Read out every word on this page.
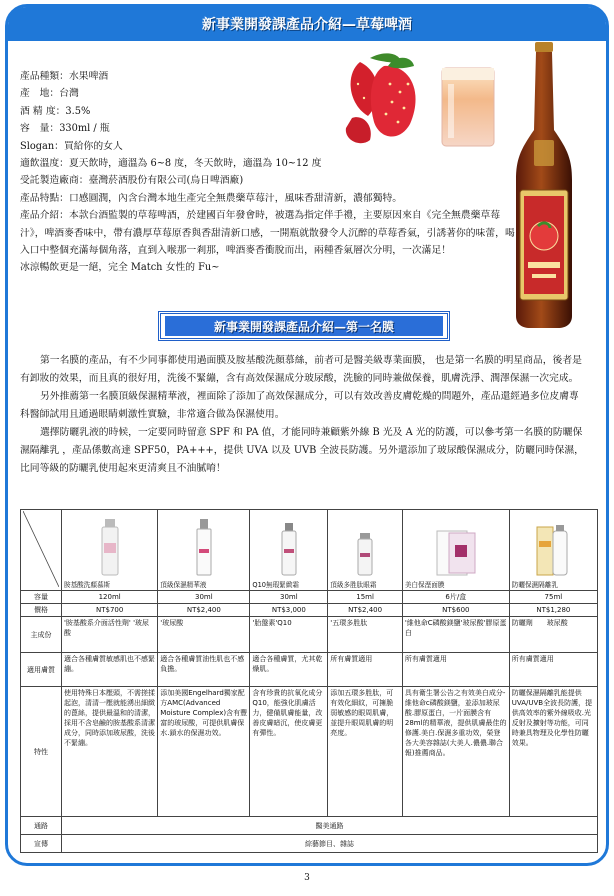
新事業開發課產品介紹—草莓啤酒
產品種類：水果啤酒
產　地：台灣
酒 精 度：3.5%
容　量：330ml / 瓶
Slogan：買給你的女人
適飲溫度：夏天飲時，適溫為 6~8 度，冬天飲時，適溫為 10~12 度
受託製造廠商：臺灣菸酒股份有限公司(烏日啤酒廠)
產品特點：口感圓潤，內含台灣本地生產完全無農藥草莓汁，風味香甜清新，濃郁獨特。
產品介紹：本款台酒監製的草莓啤酒，於建國百年發會時，被選為指定伴手禮，主要原因來自《完全無農藥草莓汁》，啤酒麥香味中，帶有濃厚草莓原香與香甜清新口感，一開瓶就散發令人沉醉的草莓香氣，引誘著你的味蕾，喝入口中整個充滿每個角落，直到入喉那一剎那，啤酒麥香衝脫而出，兩種香氣層次分明，一次滿足！
冰涼暢飲更是一絕，完全 Match 女性的 Fu~
新事業開發課產品介紹—第一名膜

第一名膜的產品，有不少同事都使用過面膜及胺基酸洗顏慕絲，前者可是醫美級專業面膜， 也是第一名膜的明星商品，後者是有卸妝的效果，而且真的很好用，洗後不緊繃，含有高效保濕成分玻尿酸，洗臉的同時兼做保養，肌膚洗淨、潤澤保濕一次完成。

另外推薦第一名膜頂級保濕精華液，裡面除了添加了高效保濕成分，可以有效改善皮膚乾燥的問題外，產品還經過多位皮膚專科醫師試用且通過眼睛刺激性實驗，非常適合做為保濕使用。

選擇防曬乳液的時候，一定要同時留意 SPF 和 PA 值，才能同時兼顧紫外線 B 光及 A 光的防護，可以參考第一名膜的防曬保濕隔離乳 ，產品係數高達 SPF50，PA+++，提供 UVA 以及 UVB 全波長防護。另外還添加了玻尿酸保濕成分，防曬同時保濕，比同等級的防曬乳使用起來更清爽且不油膩唷！

胺基酸洗顏慕斯	頂級保濕精華液	Q10無瑕緊緻霜	頂級多胜肽眼霜	美白保溼面膜	防曬保濕隔離乳

容量	120ml	30ml	30ml	15ml	6片/盒	75ml
價格	NT$700	NT$2,400	NT$3,000	NT$2,400	NT$600	NT$1,280
主成份	'胺基酸系介面活性劑' '玻尿酸	'玻尿酸	'胎盤素'Q10	'五環多胜肽	'維他命C磷酸鎂鹽'玻尿酸'膠原蛋白	防曬劑　　玻尿酸
適用膚質	適合各種膚質敏感肌也不感緊繃。	適合各種膚質油性肌也不感負擔。	適合各種膚質，尤其乾燥肌。	所有膚質適用	所有膚質適用	所有膚質適用
特性	使用特殊日本壓頭，不需搓揉起泡，清清一壓就能湧出細緻的蓖絲，提供最溫和的清潔，採用不含皂鹼的胺基酸系清潔成分，同時添加玻尿酸，洗後不緊繃。	添加美國Engelhard獨家配方AMC(Advanced Moisture Complex)含有豐富的玻尿酸，可提供肌膚保水.鎖水的保濕功效。	含有珍貴的抗氧化成分Q10，能強化肌膚活力，健備肌膚能量，改善皮膚暗沉，使皮膚更有彈性。	添加五環多胜肽，可有效化細紋，可擁脆弱敏感的眼周肌膚，並提升眼周肌膚的明亮度。	具有衛生署公告之有效美白成分-維他命c磷酸鎂鹽，並添加玻尿酸.膠原蛋白，一片面膜含有28ml的精華液，提供肌膚最佳的修護.美白.保濕多重功效，榮登各大美容雜誌(大美人.儂儂.聯合報)推薦商品。	防曬保濕隔離乳能提供UVA/UVB全波長防護，提供高效率的紫外線吸收.光反射及擴射等功能，可同時兼具物理及化學性防曬效果。
通路	醫美通路					
宣傳	綜藝節目、雜誌					
3
